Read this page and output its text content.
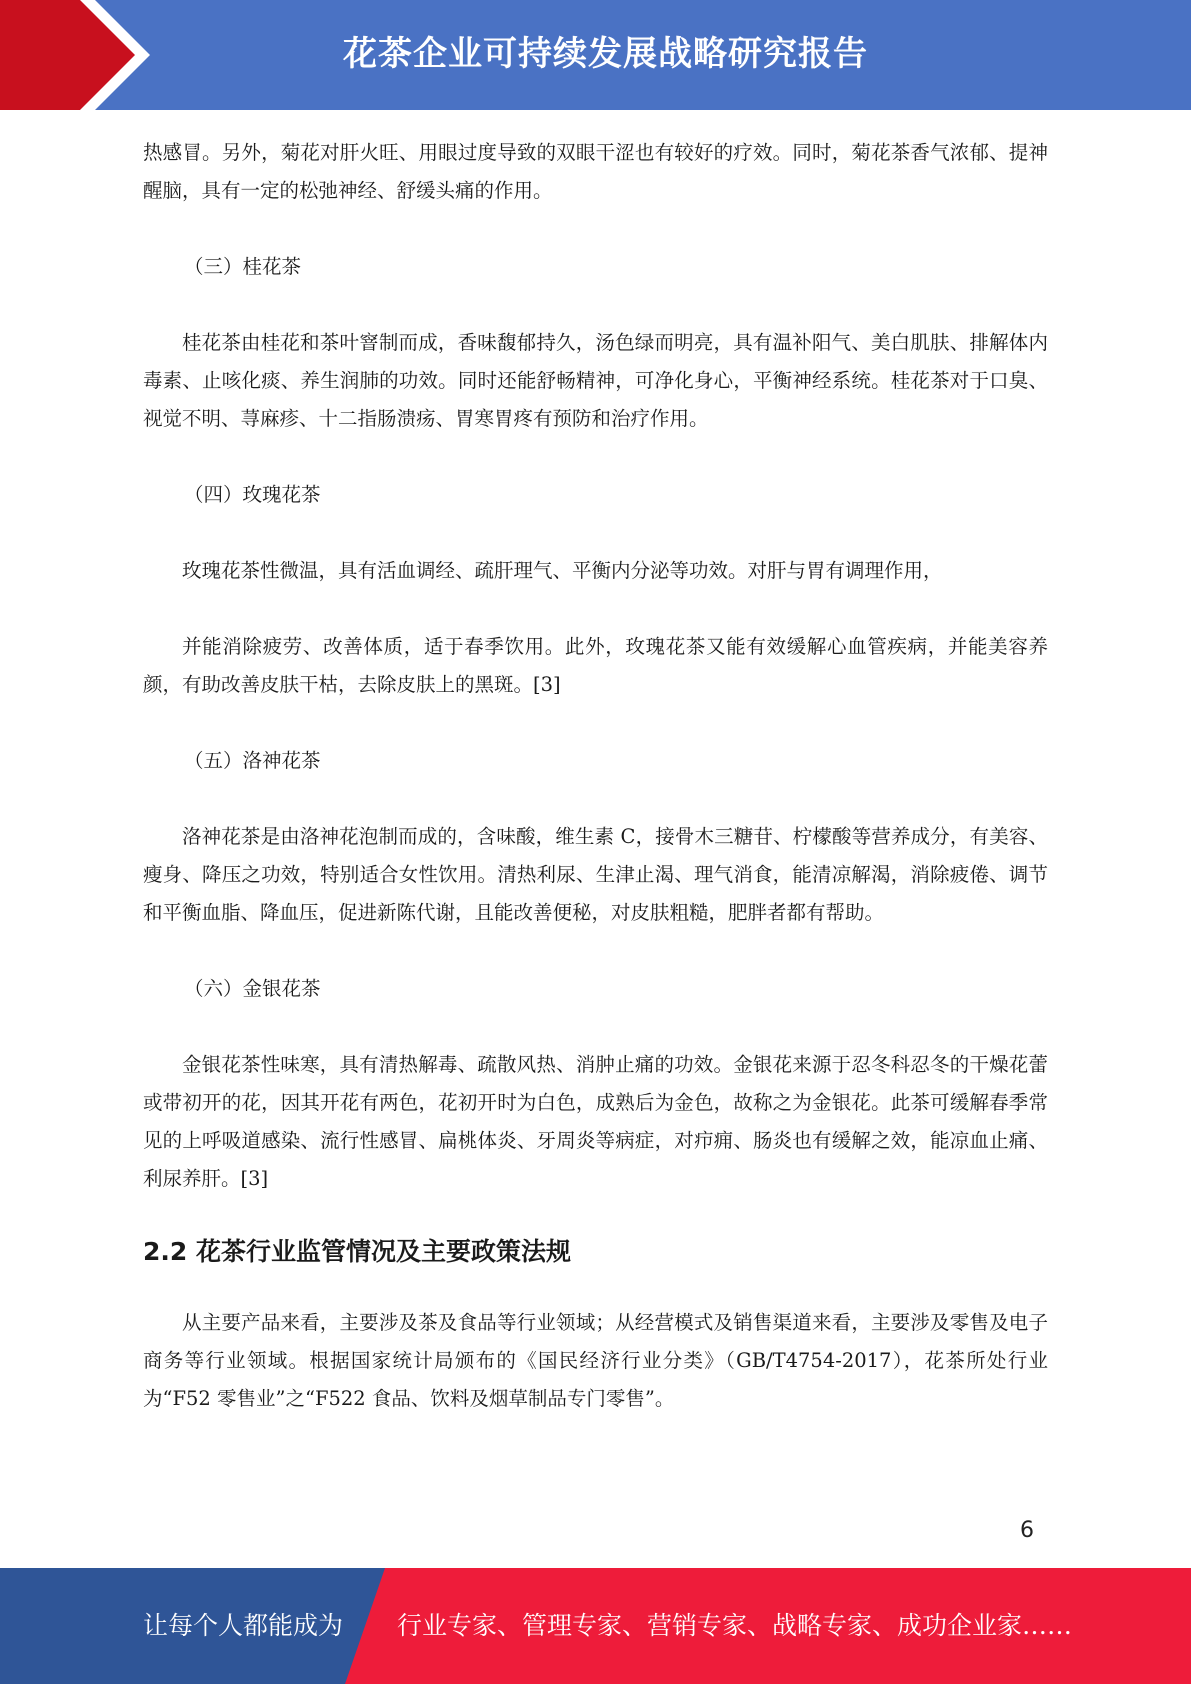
花茶企业可持续发展战略研究报告

热感冒。另外，菊花对肝火旺、用眼过度导致的双眼干涩也有较好的疗效。同时，菊花茶香气浓郁、提神醒脑，具有一定的松弛神经、舒缓头痛的作用。

（三）桂花茶

桂花茶由桂花和茶叶窨制而成，香味馥郁持久，汤色绿而明亮，具有温补阳气、美白肌肤、排解体内毒素、止咳化痰、养生润肺的功效。同时还能舒畅精神，可净化身心，平衡神经系统。桂花茶对于口臭、视觉不明、荨麻疹、十二指肠溃疡、胃寒胃疼有预防和治疗作用。

（四）玫瑰花茶

玫瑰花茶性微温，具有活血调经、疏肝理气、平衡内分泌等功效。对肝与胃有调理作用，

并能消除疲劳、改善体质，适于春季饮用。此外，玫瑰花茶又能有效缓解心血管疾病，并能美容养颜，有助改善皮肤干枯，去除皮肤上的黑斑。[3]

（五）洛神花茶

洛神花茶是由洛神花泡制而成的，含味酸，维生素 C，接骨木三糖苷、柠檬酸等营养成分，有美容、瘦身、降压之功效，特别适合女性饮用。清热利尿、生津止渴、理气消食，能清凉解渴，消除疲倦、调节和平衡血脂、降血压，促进新陈代谢，且能改善便秘，对皮肤粗糙，肥胖者都有帮助。

（六）金银花茶

金银花茶性味寒，具有清热解毒、疏散风热、消肿止痛的功效。金银花来源于忍冬科忍冬的干燥花蕾或带初开的花，因其开花有两色，花初开时为白色，成熟后为金色，故称之为金银花。此茶可缓解春季常见的上呼吸道感染、流行性感冒、扁桃体炎、牙周炎等病症，对疖痈、肠炎也有缓解之效，能凉血止痛、利尿养肝。[3]

2.2 花茶行业监管情况及主要政策法规

从主要产品来看，主要涉及茶及食品等行业领域；从经营模式及销售渠道来看，主要涉及零售及电子商务等行业领域。根据国家统计局颁布的《国民经济行业分类》（GB/T4754-2017），花茶所处行业为“F52 零售业”之“F522 食品、饮料及烟草制品专门零售”。

6
让每个人都能成为 行业专家、管理专家、营销专家、战略专家、成功企业家……
